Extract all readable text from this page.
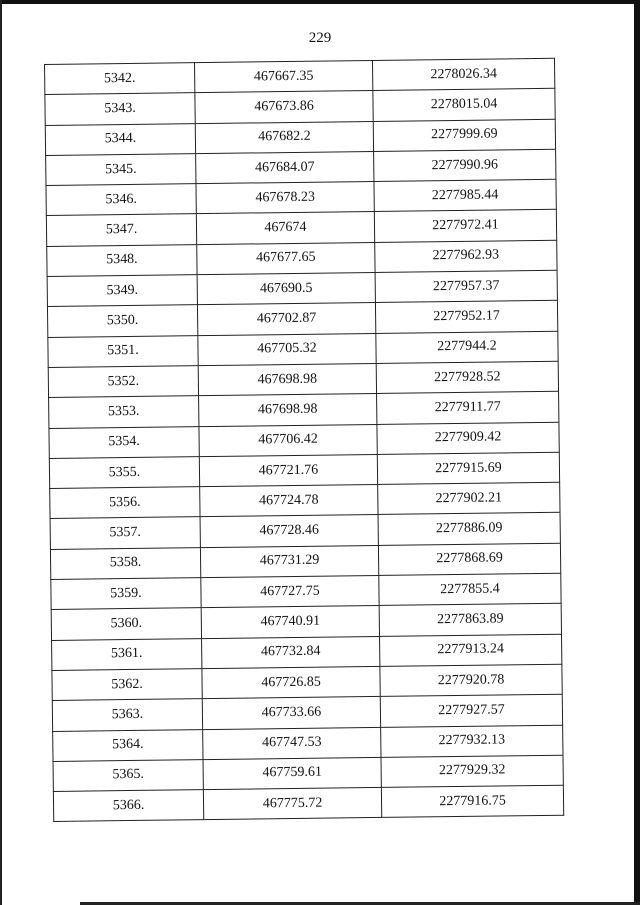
229
5342.	467667.35	2278026.34
5343.	467673.86	2278015.04
5344.	467682.2	2277999.69
5345.	467684.07	2277990.96
5346.	467678.23	2277985.44
5347.	467674	2277972.41
5348.	467677.65	2277962.93
5349.	467690.5	2277957.37
5350.	467702.87	2277952.17
5351.	467705.32	2277944.2
5352.	467698.98	2277928.52
5353.	467698.98	2277911.77
5354.	467706.42	2277909.42
5355.	467721.76	2277915.69
5356.	467724.78	2277902.21
5357.	467728.46	2277886.09
5358.	467731.29	2277868.69
5359.	467727.75	2277855.4
5360.	467740.91	2277863.89
5361.	467732.84	2277913.24
5362.	467726.85	2277920.78
5363.	467733.66	2277927.57
5364.	467747.53	2277932.13
5365.	467759.61	2277929.32
5366.	467775.72	2277916.75
